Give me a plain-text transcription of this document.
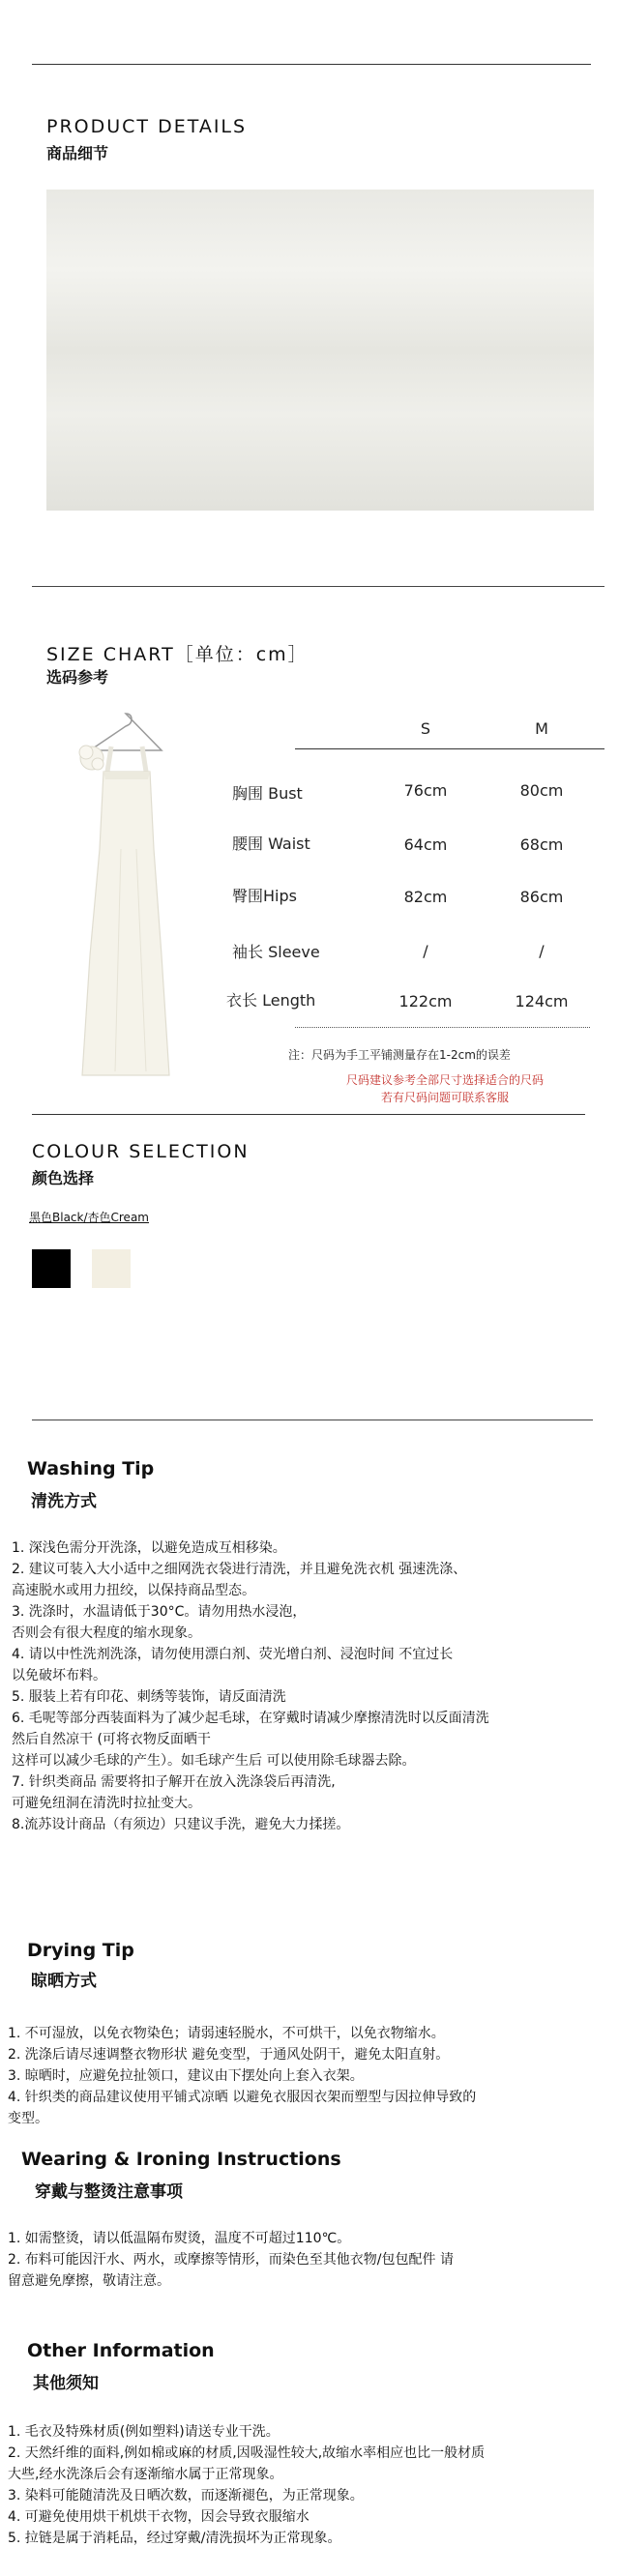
PRODUCT DETAILS
商品细节
SIZE CHART［单位：cm］
选码参考
S	M
胸围 Bust	76cm	80cm
腰围 Waist	64cm	68cm
臀围Hips	82cm	86cm
袖长 Sleeve	/	/
衣长 Length	122cm	124cm
注：尺码为手工平铺测量存在1-2cm的误差
尺码建议参考全部尺寸选择适合的尺码
若有尺码问题可联系客服
COLOUR SELECTION
颜色选择
黑色Black/杏色Cream
Washing Tip
清洗方式
1. 深浅色需分开洗涤，以避免造成互相移染。
2. 建议可装入大小适中之细网洗衣袋进行清洗，并且避免洗衣机 强速洗涤、
高速脱水或用力扭绞，以保持商品型态。
3. 洗涤时，水温请低于30°C。请勿用热水浸泡，
否则会有很大程度的缩水现象。
4. 请以中性洗剂洗涤，请勿使用漂白剂、荧光增白剂、浸泡时间 不宜过长
以免破坏布料。
5. 服装上若有印花、刺绣等装饰，请反面清洗
6. 毛呢等部分西装面料为了减少起毛球，在穿戴时请减少摩擦清洗时以反面清洗
然后自然凉干 (可将衣物反面晒干
这样可以减少毛球的产生）。如毛球产生后 可以使用除毛球器去除。
7. 针织类商品 需要将扣子解开在放入洗涤袋后再清洗,
可避免纽洞在清洗时拉扯变大。
8.流苏设计商品（有须边）只建议手洗，避免大力揉搓。
Drying Tip
晾晒方式
1. 不可湿放，以免衣物染色；请弱速轻脱水，不可烘干，以免衣物缩水。
2. 洗涤后请尽速调整衣物形状 避免变型，于通风处阴干，避免太阳直射。
3. 晾晒时，应避免拉扯领口，建议由下摆处向上套入衣架。
4. 针织类的商品建议使用平铺式凉晒 以避免衣服因衣架而塑型与因拉伸导致的
变型。
Wearing & Ironing Instructions
穿戴与整烫注意事项
1. 如需整烫，请以低温隔布熨烫，温度不可超过110℃。
2. 布料可能因汗水、两水，或摩擦等情形，而染色至其他衣物/包包配件 请
留意避免摩擦，敬请注意。
Other Information
其他须知
1. 毛衣及特殊材质(例如塑料)请送专业干洗。
2. 天然纤维的面料,例如棉或麻的材质,因吸湿性较大,故缩水率相应也比一般材质
大些,经水洗涤后会有逐渐缩水属于正常现象。
3. 染料可能随清洗及日晒次数，而逐渐褪色，为正常现象。
4. 可避免使用烘干机烘干衣物，因会导致衣服缩水
5. 拉链是属于消耗品，经过穿戴/清洗损坏为正常现象。
